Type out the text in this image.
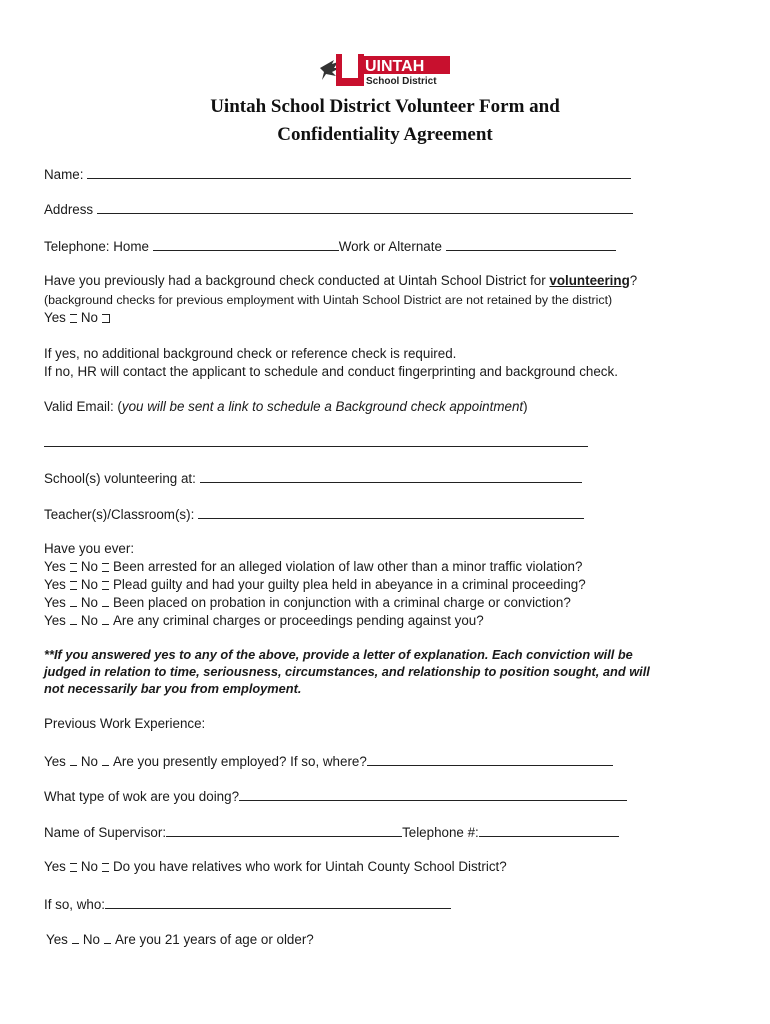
UINTAH
School District
Uintah School District Volunteer Form and
Confidentiality Agreement
Name:
Address
Telephone: Home	Work or Alternate
Have you previously had a background check conducted at Uintah School District for volunteering?
(background checks for previous employment with Uintah School District are not retained by the district)
Yes No
If yes, no additional background check or reference check is required.
If no, HR will contact the applicant to schedule and conduct fingerprinting and background check.
Valid Email: (you will be sent a link to schedule a Background check appointment)
School(s) volunteering at:
Teacher(s)/Classroom(s):
Have you ever:
Yes No Been arrested for an alleged violation of law other than a minor traffic violation?
Yes No Plead guilty and had your guilty plea held in abeyance in a criminal proceeding?
Yes No Been placed on probation in conjunction with a criminal charge or conviction?
Yes No Are any criminal charges or proceedings pending against you?
**If you answered yes to any of the above, provide a letter of explanation. Each conviction will be
judged in relation to time, seriousness, circumstances, and relationship to position sought, and will
not necessarily bar you from employment.
Previous Work Experience:
Yes No Are you presently employed? If so, where?
What type of wok are you doing?
Name of Supervisor:	Telephone #:
Yes No Do you have relatives who work for Uintah County School District?
If so, who:
Yes No Are you 21 years of age or older?
